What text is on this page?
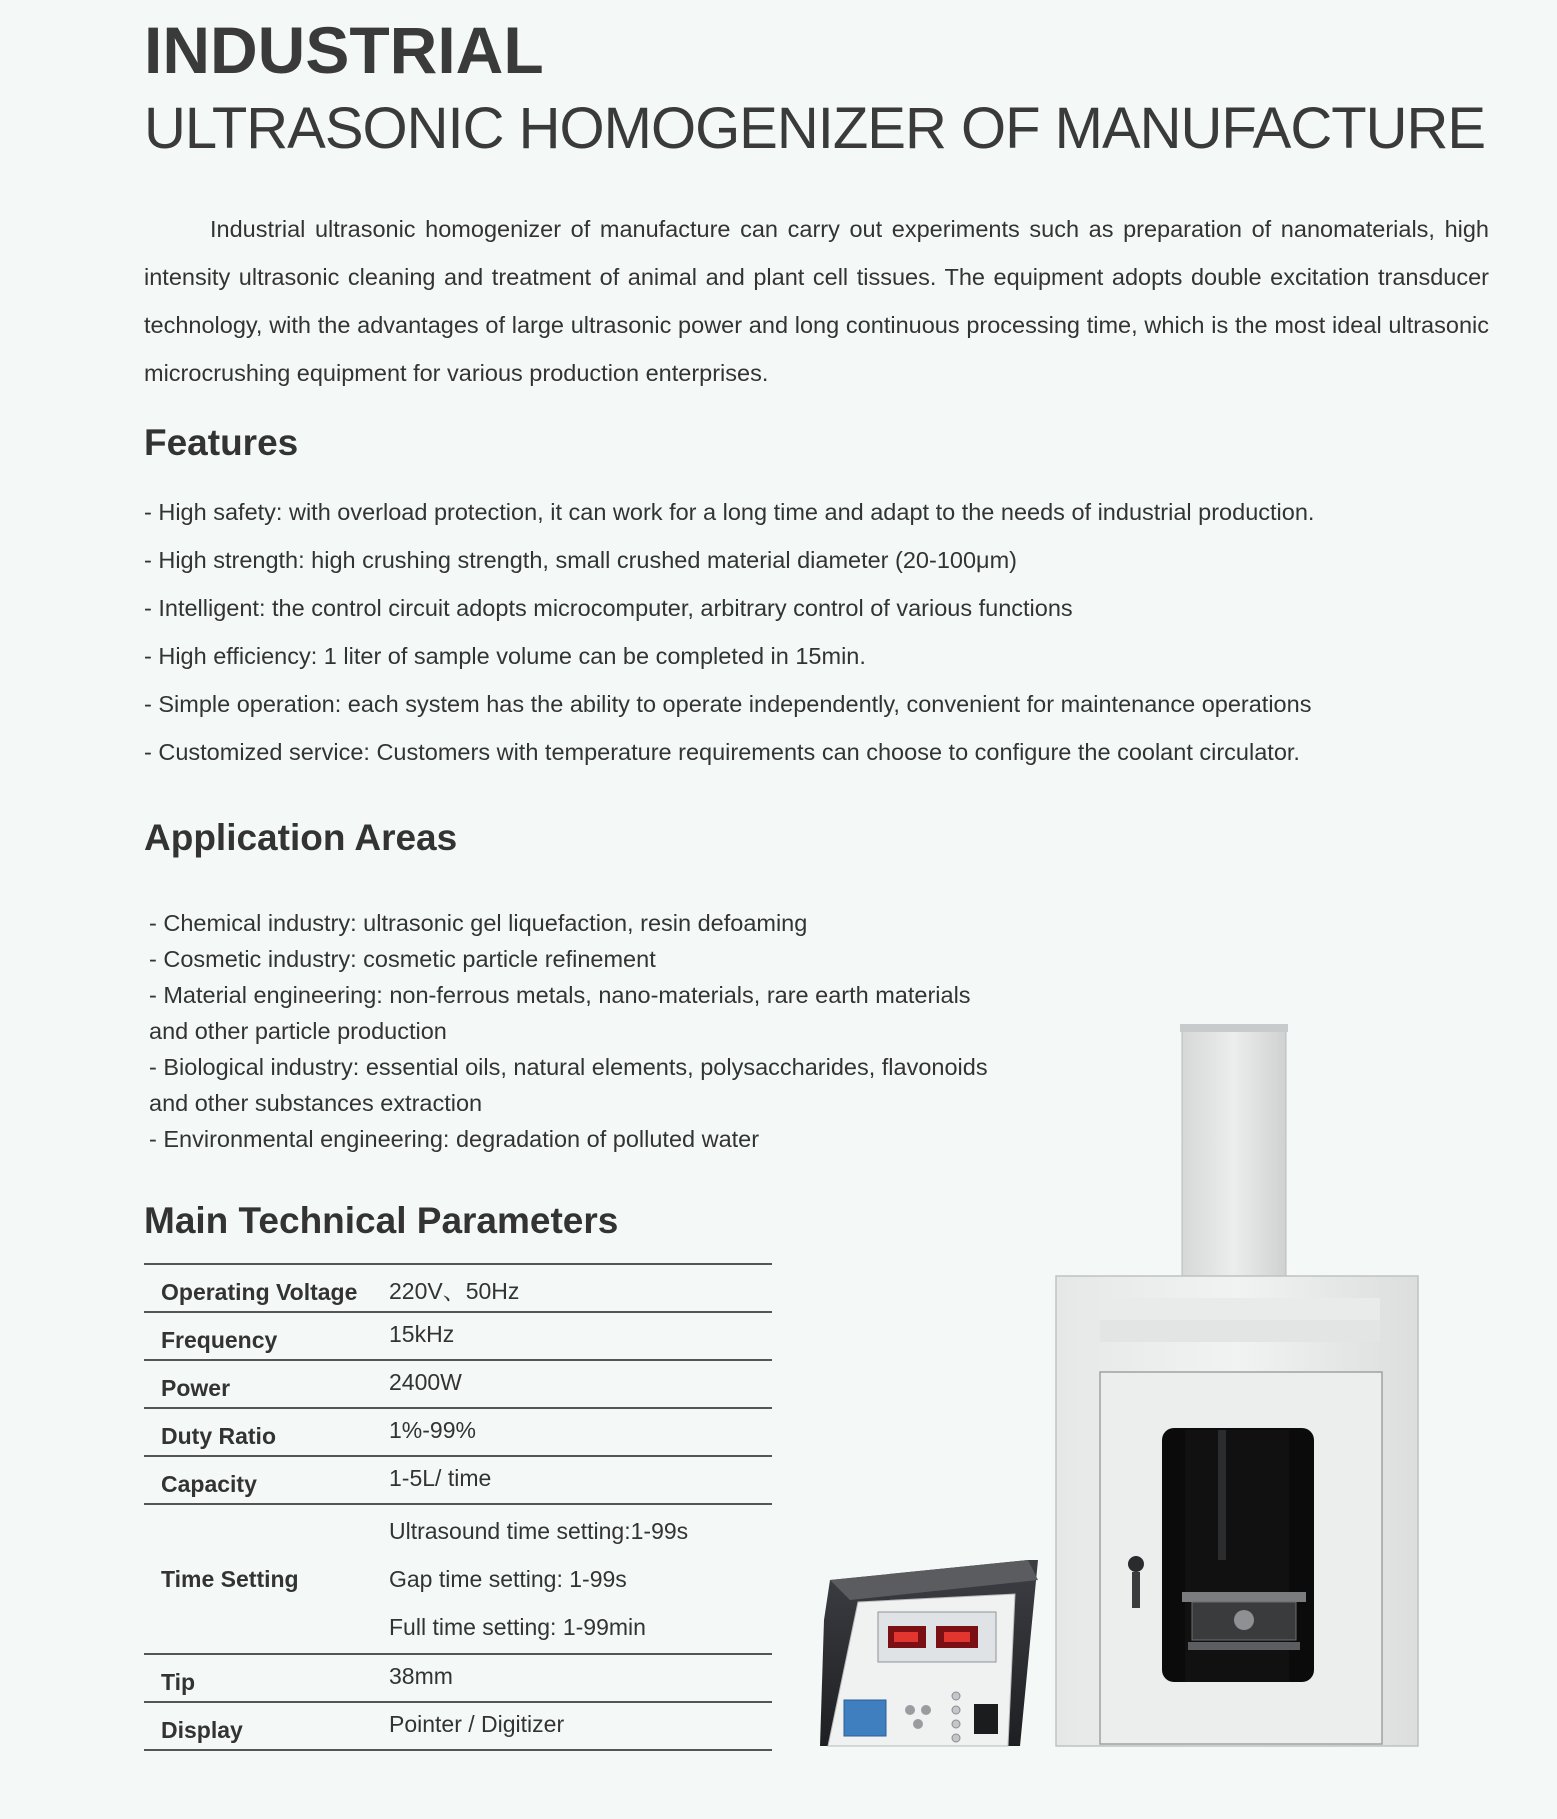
INDUSTRIAL
ULTRASONIC HOMOGENIZER OF MANUFACTURE

Industrial ultrasonic homogenizer of manufacture can carry out experiments such as preparation of nanomaterials, high intensity ultrasonic cleaning and treatment of animal and plant cell tissues. The equipment adopts double excitation transducer technology, with the advantages of large ultrasonic power and long continuous processing time, which is the most ideal ultrasonic microcrushing equipment for various production enterprises.

Features
- High safety: with overload protection, it can work for a long time and adapt to the needs of industrial production.
- High strength: high crushing strength, small crushed material diameter (20-100μm)
- Intelligent: the control circuit adopts microcomputer, arbitrary control of various functions
- High efficiency: 1 liter of sample volume can be completed in 15min.
- Simple operation: each system has the ability to operate independently, convenient for maintenance operations
- Customized service: Customers with temperature requirements can choose to configure the coolant circulator.
Application Areas
- Chemical industry: ultrasonic gel liquefaction, resin defoaming
- Cosmetic industry: cosmetic particle refinement
- Material engineering: non-ferrous metals, nano-materials, rare earth materials
and other particle production
- Biological industry: essential oils, natural elements, polysaccharides, flavonoids
and other substances extraction
- Environmental engineering: degradation of polluted water
Main Technical Parameters
Operating Voltage	220V、50Hz
Frequency	15kHz
Power	2400W
Duty Ratio	1%-99%
Capacity	1-5L/ time
Time Setting	Ultrasound time setting:1-99s
Gap time setting: 1-99s
Full time setting: 1-99min

Tip	38mm
Display	Pointer / Digitizer
